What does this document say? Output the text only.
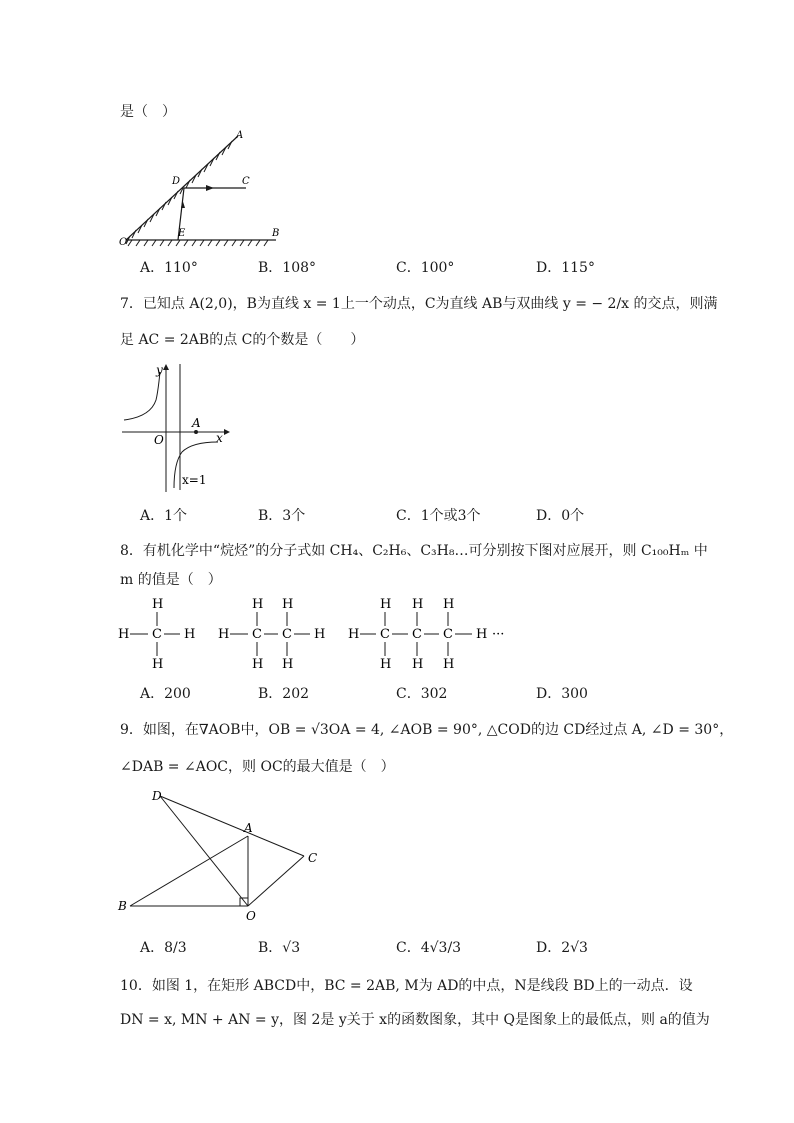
是（　）
A
D	C
O
E	B
A．110°	B．108°	C．100°	D．115°
7．已知点 A(2,0)，B为直线 x = 1上一个动点，C为直线 AB与双曲线 y = − 2/x 的交点，则满
足 AC = 2AB的点 C的个数是（　　）
y
O
A
x
x=1
A．1个	B．3个	C．1个或3个	D．0个
8．有机化学中“烷烃”的分子式如 CH₄、C₂H₆、C₃H₈…可分别按下图对应展开，则 C₁₀₀Hₘ 中
m 的值是（　）
H
H C H
H
H H
H C C H
H H
H H H
H C C C H ···
H H H
A．200	B．202	C．302	D．300
9．如图，在∇AOB中，OB = √3OA = 4, ∠AOB = 90°, △COD的边 CD经过点 A, ∠D = 30°，
∠DAB = ∠AOC，则 OC的最大值是（　）
D
A
C
B
O
A．8/3	B．√3	C．4√3/3	D．2√3
10．如图 1，在矩形 ABCD中，BC = 2AB, M为 AD的中点，N是线段 BD上的一动点．设
DN = x, MN + AN = y，图 2是 y关于 x的函数图象，其中 Q是图象上的最低点，则 a的值为
